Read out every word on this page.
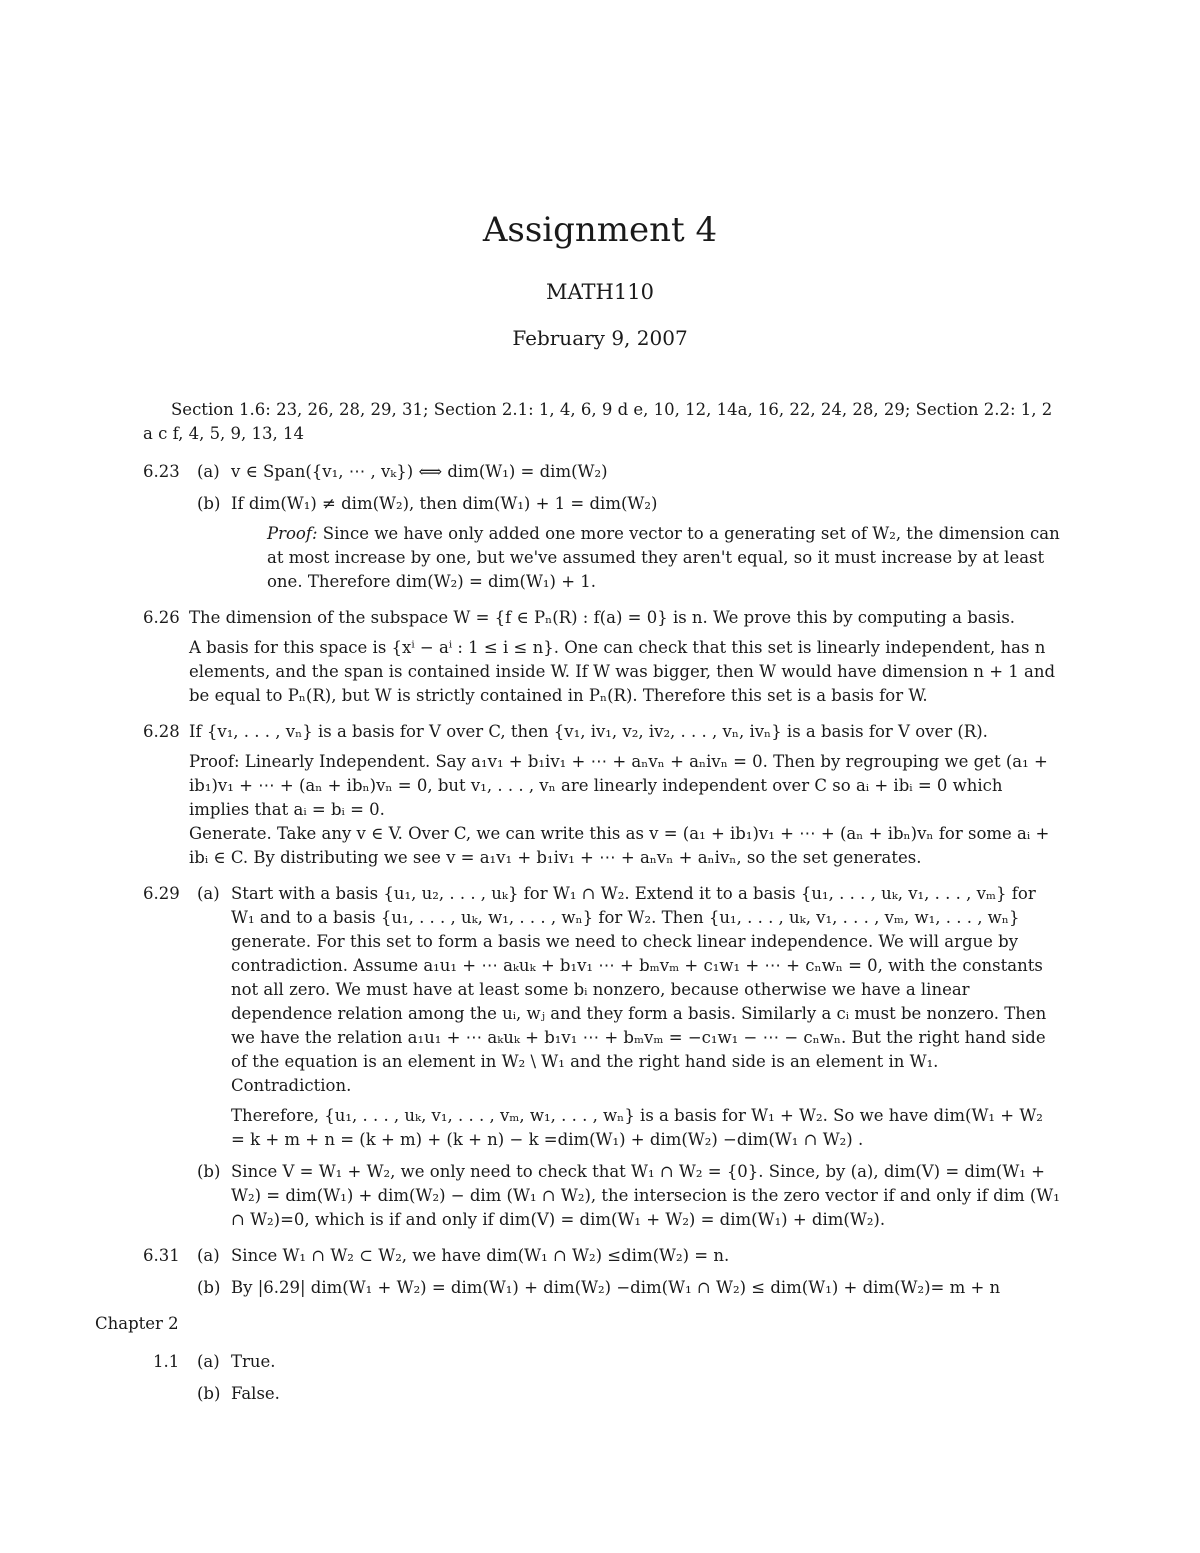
Assignment 4
MATH110
February 9, 2007

Section 1.6: 23, 26, 28, 29, 31; Section 2.1: 1, 4, 6, 9 d e, 10, 12, 14a, 16, 22, 24, 28, 29; Section 2.2: 1, 2 a c f, 4, 5, 9, 13, 14

6.23 (a) v ∈ Span({v₁, ⋯ , vₖ}) ⟺ dim(W₁) = dim(W₂)

(b) If dim(W₁) ≠ dim(W₂), then dim(W₁) + 1 = dim(W₂)

Proof: Since we have only added one more vector to a generating set of W₂, the dimension can at most increase by one, but we've assumed they aren't equal, so it must increase by at least one. Therefore dim(W₂) = dim(W₁) + 1.

6.26 The dimension of the subspace W = {f ∈ Pₙ(R) : f(a) = 0} is n. We prove this by computing a basis.

A basis for this space is {xⁱ − aⁱ : 1 ≤ i ≤ n}. One can check that this set is linearly independent, has n elements, and the span is contained inside W. If W was bigger, then W would have dimension n + 1 and be equal to Pₙ(R), but W is strictly contained in Pₙ(R). Therefore this set is a basis for W.

6.28 If {v₁, . . . , vₙ} is a basis for V over C, then {v₁, iv₁, v₂, iv₂, . . . , vₙ, ivₙ} is a basis for V over (R).

Proof: Linearly Independent. Say a₁v₁ + b₁iv₁ + ⋯ + aₙvₙ + aₙivₙ = 0. Then by regrouping we get (a₁ + ib₁)v₁ + ⋯ + (aₙ + ibₙ)vₙ = 0, but v₁, . . . , vₙ are linearly independent over C so aᵢ + ibᵢ = 0 which implies that aᵢ = bᵢ = 0.

Generate. Take any v ∈ V. Over C, we can write this as v = (a₁ + ib₁)v₁ + ⋯ + (aₙ + ibₙ)vₙ for some aᵢ + ibᵢ ∈ C. By distributing we see v = a₁v₁ + b₁iv₁ + ⋯ + aₙvₙ + aₙivₙ, so the set generates.

6.29 (a) Start with a basis {u₁, u₂, . . . , uₖ} for W₁ ∩ W₂. Extend it to a basis {u₁, . . . , uₖ, v₁, . . . , vₘ} for W₁ and to a basis {u₁, . . . , uₖ, w₁, . . . , wₙ} for W₂. Then {u₁, . . . , uₖ, v₁, . . . , vₘ, w₁, . . . , wₙ} generate. For this set to form a basis we need to check linear independence. We will argue by contradiction. Assume a₁u₁ + ⋯ aₖuₖ + b₁v₁ ⋯ + bₘvₘ + c₁w₁ + ⋯ + cₙwₙ = 0, with the constants not all zero. We must have at least some bᵢ nonzero, because otherwise we have a linear dependence relation among the uᵢ, wⱼ and they form a basis. Similarly a cᵢ must be nonzero. Then we have the relation a₁u₁ + ⋯ aₖuₖ + b₁v₁ ⋯ + bₘvₘ = −c₁w₁ − ⋯ − cₙwₙ. But the right hand side of the equation is an element in W₂ \ W₁ and the right hand side is an element in W₁. Contradiction.

Therefore, {u₁, . . . , uₖ, v₁, . . . , vₘ, w₁, . . . , wₙ} is a basis for W₁ + W₂. So we have dim(W₁ + W₂ = k + m + n = (k + m) + (k + n) − k =dim(W₁) + dim(W₂) −dim(W₁ ∩ W₂) .

(b) Since V = W₁ + W₂, we only need to check that W₁ ∩ W₂ = {0}. Since, by (a), dim(V) = dim(W₁ + W₂) = dim(W₁) + dim(W₂) − dim (W₁ ∩ W₂), the intersecion is the zero vector if and only if dim (W₁ ∩ W₂)=0, which is if and only if dim(V) = dim(W₁ + W₂) = dim(W₁) + dim(W₂).

6.31 (a) Since W₁ ∩ W₂ ⊂ W₂, we have dim(W₁ ∩ W₂) ≤dim(W₂) = n.

(b) By |6.29| dim(W₁ + W₂) = dim(W₁) + dim(W₂) −dim(W₁ ∩ W₂) ≤ dim(W₁) + dim(W₂)= m + n

Chapter 2
1.1 (a) True.

(b) False.
